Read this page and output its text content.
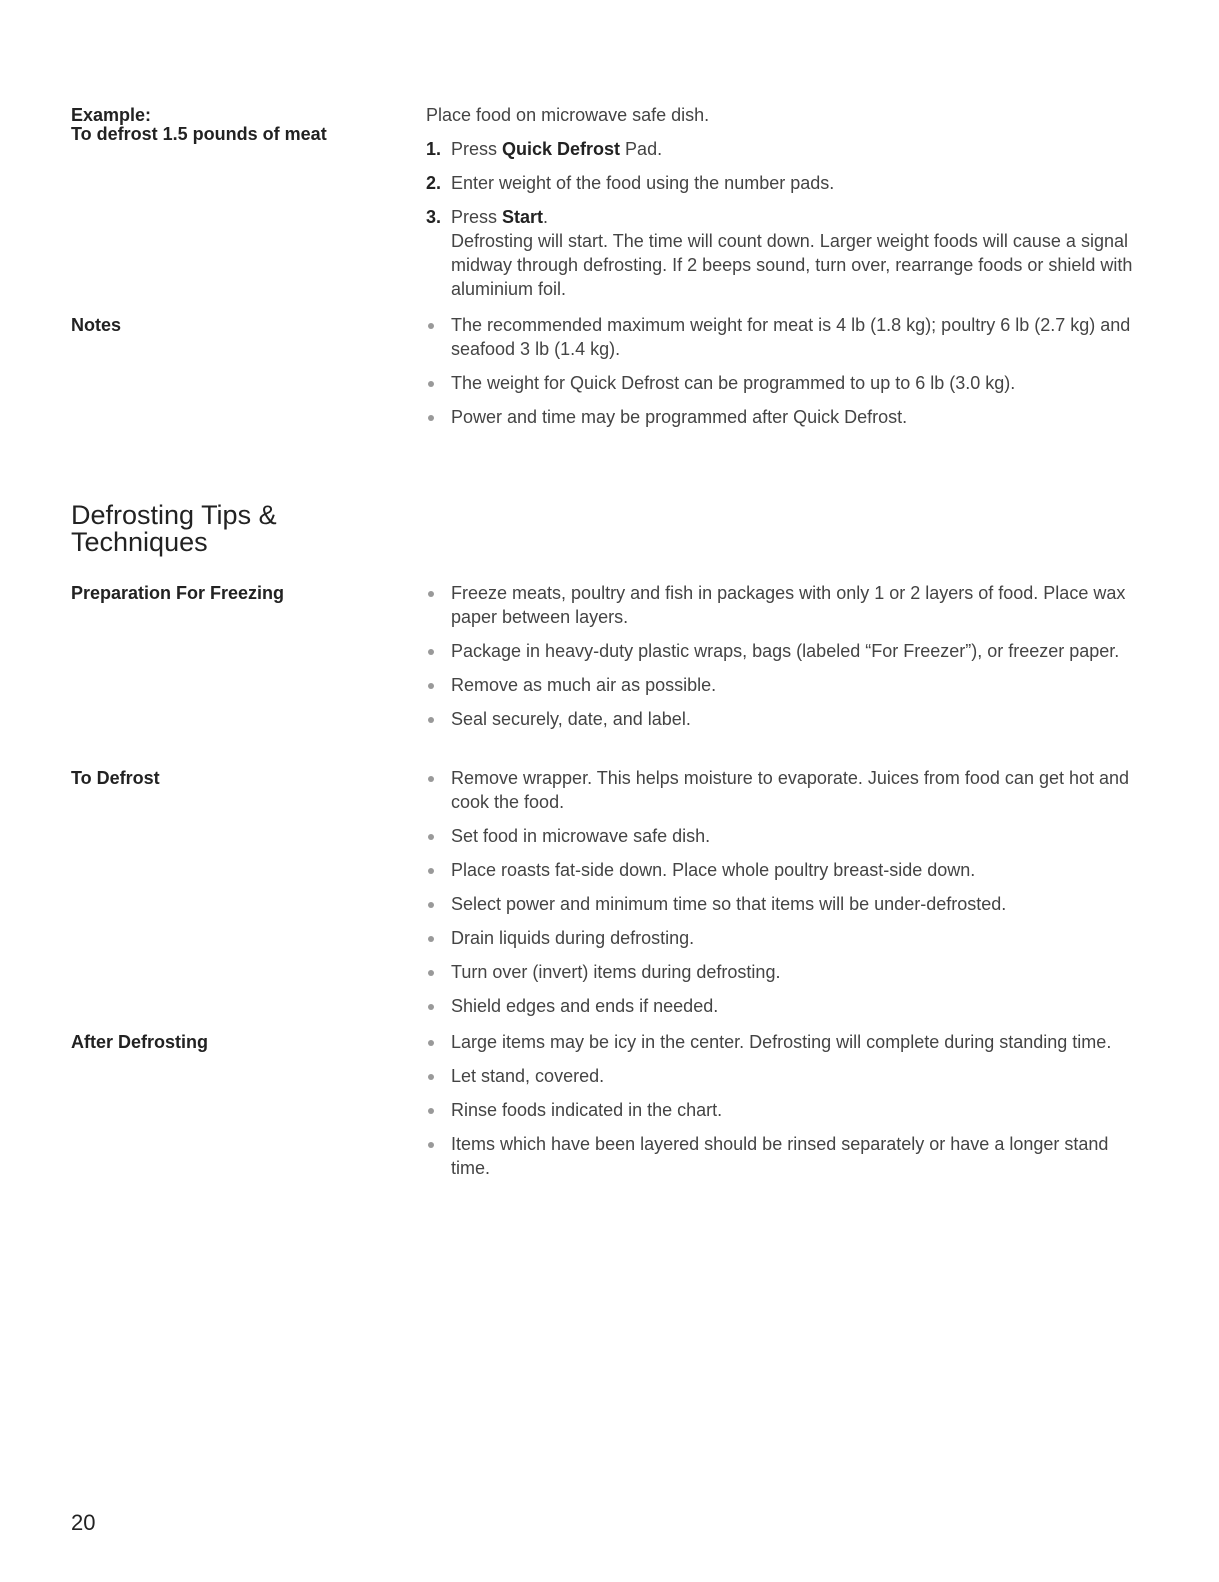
Example:
To defrost 1.5 pounds of meat
Place food on microwave safe dish.
1. Press Quick Defrost Pad.
2. Enter weight of the food using the number pads.
3. Press Start.
Defrosting will start. The time will count down. Larger weight foods will cause a signal midway through defrosting. If 2 beeps sound, turn over, rearrange foods or shield with aluminium foil.
Notes	The recommended maximum weight for meat is 4 lb (1.8 kg); poultry 6 lb (2.7 kg) and seafood 3 lb (1.4 kg).
The weight for Quick Defrost can be programmed to up to 6 lb (3.0 kg).
Power and time may be programmed after Quick Defrost.
Defrosting Tips &
Techniques
Preparation For Freezing	Freeze meats, poultry and fish in packages with only 1 or 2 layers of food. Place wax paper between layers.
Package in heavy-duty plastic wraps, bags (labeled “For Freezer”), or freezer paper.
Remove as much air as possible.
Seal securely, date, and label.
To Defrost	Remove wrapper. This helps moisture to evaporate. Juices from food can get hot and cook the food.
Set food in microwave safe dish.
Place roasts fat-side down. Place whole poultry breast-side down.
Select power and minimum time so that items will be under-defrosted.
Drain liquids during defrosting.
Turn over (invert) items during defrosting.
Shield edges and ends if needed.
After Defrosting	Large items may be icy in the center. Defrosting will complete during standing time.
Let stand, covered.
Rinse foods indicated in the chart.
Items which have been layered should be rinsed separately or have a longer stand time.
20
